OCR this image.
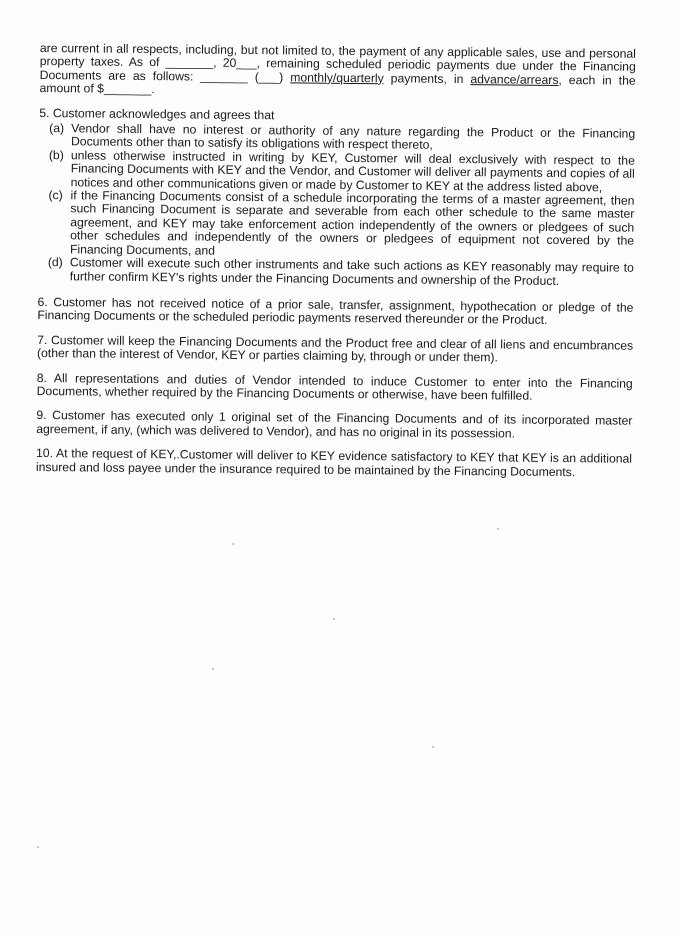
are current in all respects, including, but not limited to, the payment of any applicable sales, use and personal property taxes. As of _______, 20___, remaining scheduled periodic payments due under the Financing Documents are as follows: _______ (___) monthly/quarterly payments, in advance/arrears, each in the amount of $_______.

5. Customer acknowledges and agrees that

(a) Vendor shall have no interest or authority of any nature regarding the Product or the Financing Documents other than to satisfy its obligations with respect thereto,
(b) unless otherwise instructed in writing by KEY, Customer will deal exclusively with respect to the Financing Documents with KEY and the Vendor, and Customer will deliver all payments and copies of all notices and other communications given or made by Customer to KEY at the address listed above,
(c) if the Financing Documents consist of a schedule incorporating the terms of a master agreement, then such Financing Document is separate and severable from each other schedule to the same master agreement, and KEY may take enforcement action independently of the owners or pledgees of such other schedules and independently of the owners or pledgees of equipment not covered by the Financing Documents, and
(d) Customer will execute such other instruments and take such actions as KEY reasonably may require to further confirm KEY's rights under the Financing Documents and ownership of the Product.

6. Customer has not received notice of a prior sale, transfer, assignment, hypothecation or pledge of the Financing Documents or the scheduled periodic payments reserved thereunder or the Product.

7. Customer will keep the Financing Documents and the Product free and clear of all liens and encumbrances (other than the interest of Vendor, KEY or parties claiming by, through or under them).

8. All representations and duties of Vendor intended to induce Customer to enter into the Financing Documents, whether required by the Financing Documents or otherwise, have been fulfilled.

9. Customer has executed only 1 original set of the Financing Documents and of its incorporated master agreement, if any, (which was delivered to Vendor), and has no original in its possession.

10. At the request of KEY,.Customer will deliver to KEY evidence satisfactory to KEY that KEY is an additional insured and loss payee under the insurance required to be maintained by the Financing Documents.
